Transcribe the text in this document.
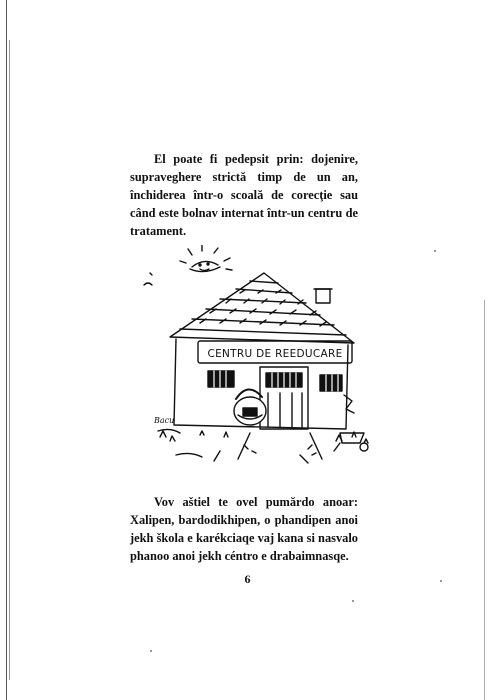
El poate fi pedepsit prin: dojenire, supraveghere strictă timp de un an, închiderea într-o scoală de corecţie sau când este bolnav internat într-un centru de tratament.

CENTRU DE REEDUCARE
Bacu

Vov aštiel te ovel pumărdo anoar: Xalipen, bardodikhipen, o phandipen anoi jekh škola e karékciaqe vaj kana si nasvalo phanoo anoi jekh céntro e drabaimnasqe.

6
